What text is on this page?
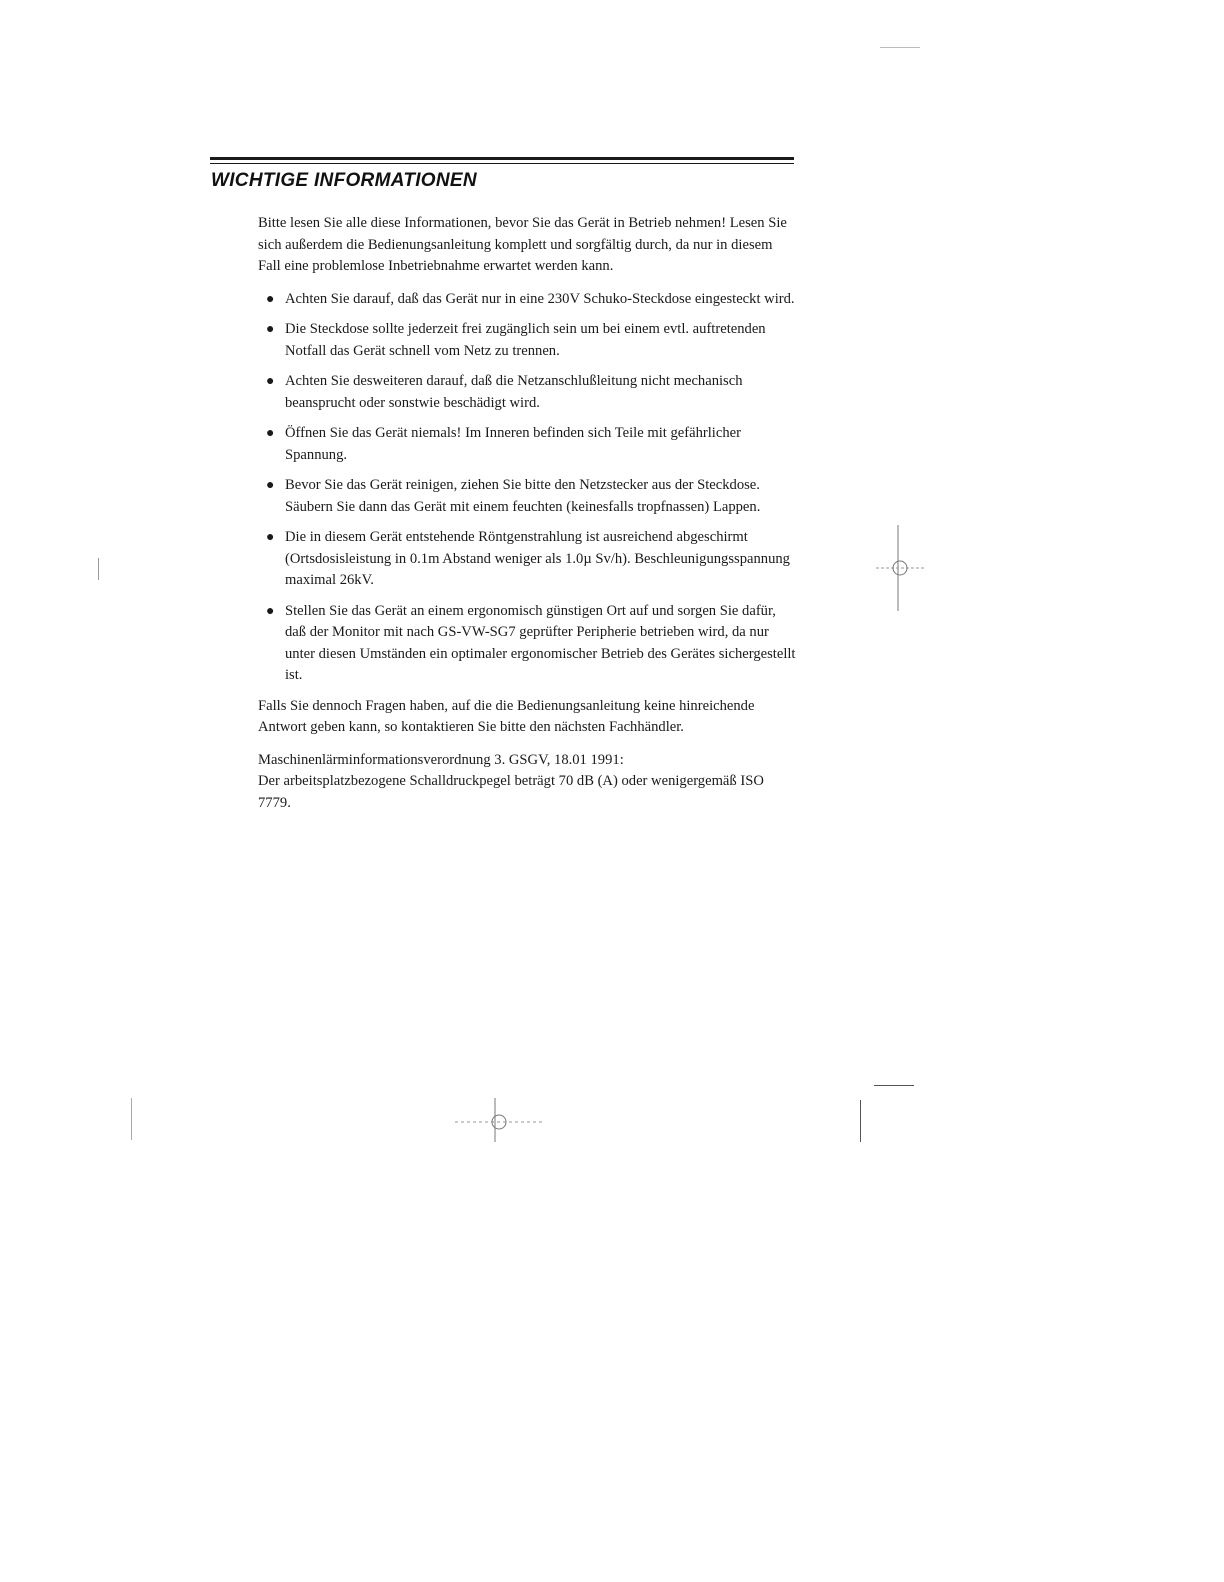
WICHTIGE INFORMATIONEN

Bitte lesen Sie alle diese Informationen, bevor Sie das Gerät in Betrieb nehmen! Lesen Sie sich außerdem die Bedienungsanleitung komplett und sorgfältig durch, da nur in diesem Fall eine problemlose Inbetriebnahme erwartet werden kann.

● Achten Sie darauf, daß das Gerät nur in eine 230V Schuko-Steckdose eingesteckt wird.
● Die Steckdose sollte jederzeit frei zugänglich sein um bei einem evtl. auftretenden Notfall das Gerät schnell vom Netz zu trennen.
● Achten Sie desweiteren darauf, daß die Netzanschlußleitung nicht mechanisch beansprucht oder sonstwie beschädigt wird.
● Öffnen Sie das Gerät niemals! Im Inneren befinden sich Teile mit gefährlicher Spannung.
● Bevor Sie das Gerät reinigen, ziehen Sie bitte den Netzstecker aus der Steckdose. Säubern Sie dann das Gerät mit einem feuchten (keinesfalls tropfnassen) Lappen.
● Die in diesem Gerät entstehende Röntgenstrahlung ist ausreichend abgeschirmt (Ortsdosisleistung in 0.1m Abstand weniger als 1.0µ Sv/h). Beschleunigungsspannung maximal 26kV.
● Stellen Sie das Gerät an einem ergonomisch günstigen Ort auf und sorgen Sie dafür, daß der Monitor mit nach GS-VW-SG7 geprüfter Peripherie betrieben wird, da nur unter diesen Umständen ein optimaler ergonomischer Betrieb des Gerätes sichergestellt ist.

Falls Sie dennoch Fragen haben, auf die die Bedienungsanleitung keine hinreichende Antwort geben kann, so kontaktieren Sie bitte den nächsten Fachhändler.

Maschinenlärminformationsverordnung 3. GSGV, 18.01 1991:
Der arbeitsplatzbezogene Schalldruckpegel beträgt 70 dB (A) oder wenigergemäß ISO 7779.
